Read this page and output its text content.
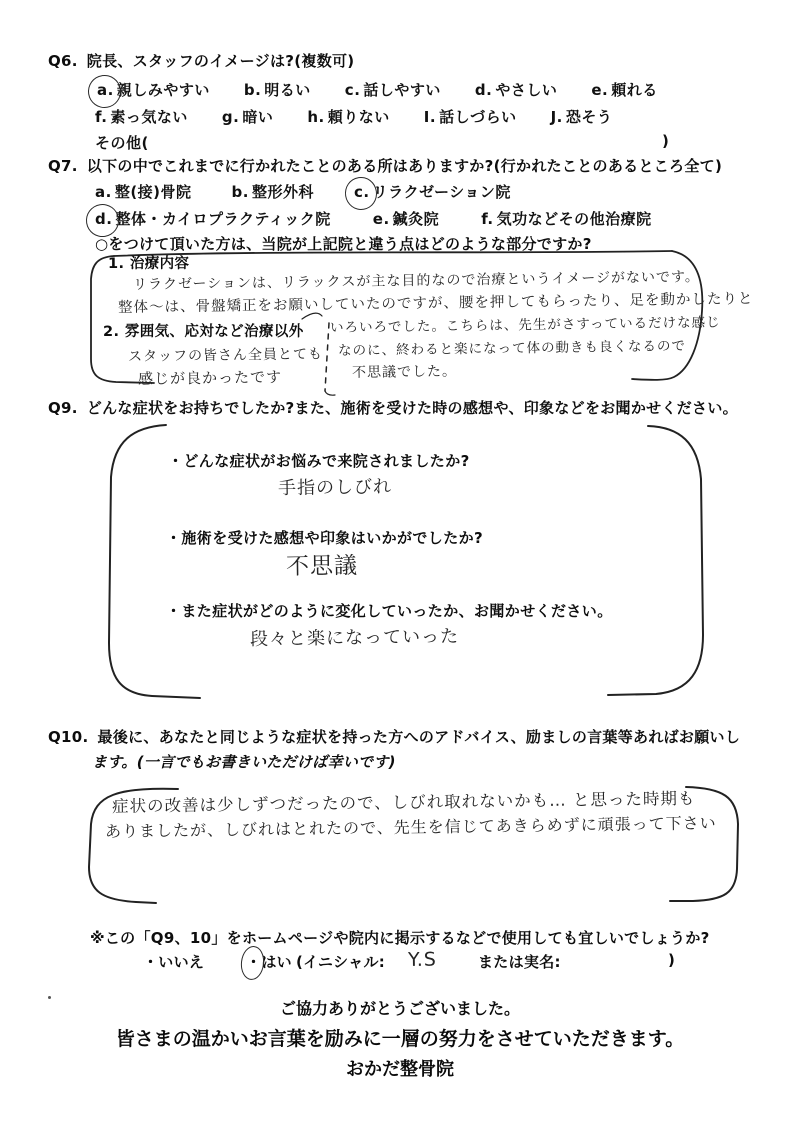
Q6. 院長、スタッフのイメージは?(複数可)
a. 親しみやすい b. 明るい c. 話しやすい d. やさしい e. 頼れる
f. 素っ気ない g. 暗い h. 頼りない I. 話しづらい J. 恐そう
その他(	)
Q7. 以下の中でこれまでに行かれたことのある所はありますか?(行かれたことのあるところ全て)
a. 整(接)骨院	b. 整形外科	c. リラクゼーション院
d. 整体・カイロプラクティック院	e. 鍼灸院	f. 気功などその他治療院
○をつけて頂いた方は、当院が上記院と違う点はどのような部分ですか?
1. 治療内容
リラクゼーションは、リラックスが主な目的なので治療というイメージがないです。
整体〜は、骨盤矯正をお願いしていたのですが、腰を押してもらったり、足を動かしたりと
2. 雰囲気、応対など治療以外
スタッフの皆さん全員とても
感じが良かったです
いろいろでした。こちらは、先生がさすっているだけな感じ
なのに、終わると楽になって体の動きも良くなるので
不思議でした。
Q9. どんな症状をお持ちでしたか?また、施術を受けた時の感想や、印象などをお聞かせください。
・どんな症状がお悩みで来院されましたか?
手指のしびれ
・施術を受けた感想や印象はいかがでしたか?
不思議
・また症状がどのように変化していったか、お聞かせください。
段々と楽になっていった
Q10. 最後に、あなたと同じような症状を持った方へのアドバイス、励ましの言葉等あればお願いし
ます。(一言でもお書きいただけば幸いです)
症状の改善は少しずつだったので、しびれ取れないかも… と思った時期も
ありましたが、しびれはとれたので、先生を信じてあきらめずに頑張って下さい
※この「Q9、10」をホームページや院内に掲示するなどで使用しても宜しいでしょうか?
・いいえ	・はい (イニシャル: Y.S	または実名:	)
ご協力ありがとうございました。
皆さまの温かいお言葉を励みに一層の努力をさせていただきます。
おかだ整骨院
